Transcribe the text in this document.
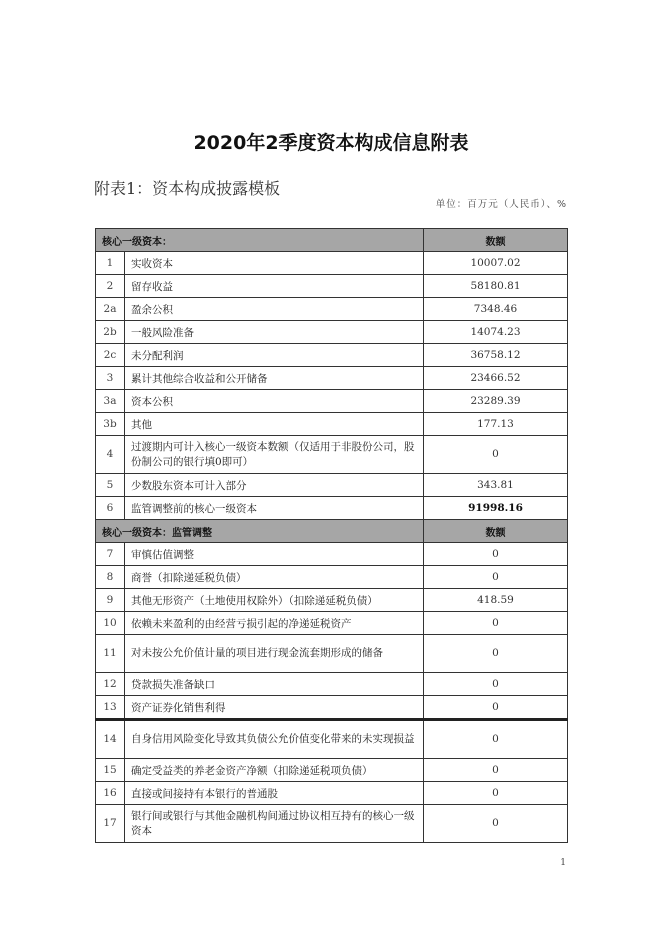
2020年2季度资本构成信息附表
附表1：资本构成披露模板
单位：百万元（人民币）、%
核心一级资本：		数额
1	实收资本	10007.02
2	留存收益	58180.81
2a	盈余公积	7348.46
2b	一般风险准备	14074.23
2c	未分配利润	36758.12
3	累计其他综合收益和公开储备	23466.52
3a	资本公积	23289.39
3b	其他	177.13
4	过渡期内可计入核心一级资本数额（仅适用于非股份公司，股份制公司的银行填0即可）	0
5	少数股东资本可计入部分	343.81
6	监管调整前的核心一级资本	91998.16
核心一级资本：监管调整		数额
7	审慎估值调整	0
8	商誉（扣除递延税负债）	0
9	其他无形资产（土地使用权除外）（扣除递延税负债）	418.59
10	依赖未来盈利的由经营亏损引起的净递延税资产	0
11	对未按公允价值计量的项目进行现金流套期形成的储备	0
12	贷款损失准备缺口	0
13	资产证券化销售利得	0
14	自身信用风险变化导致其负债公允价值变化带来的未实现损益	0
15	确定受益类的养老金资产净额（扣除递延税项负债）	0
16	直接或间接持有本银行的普通股	0
17	银行间或银行与其他金融机构间通过协议相互持有的核心一级资本	0
1
